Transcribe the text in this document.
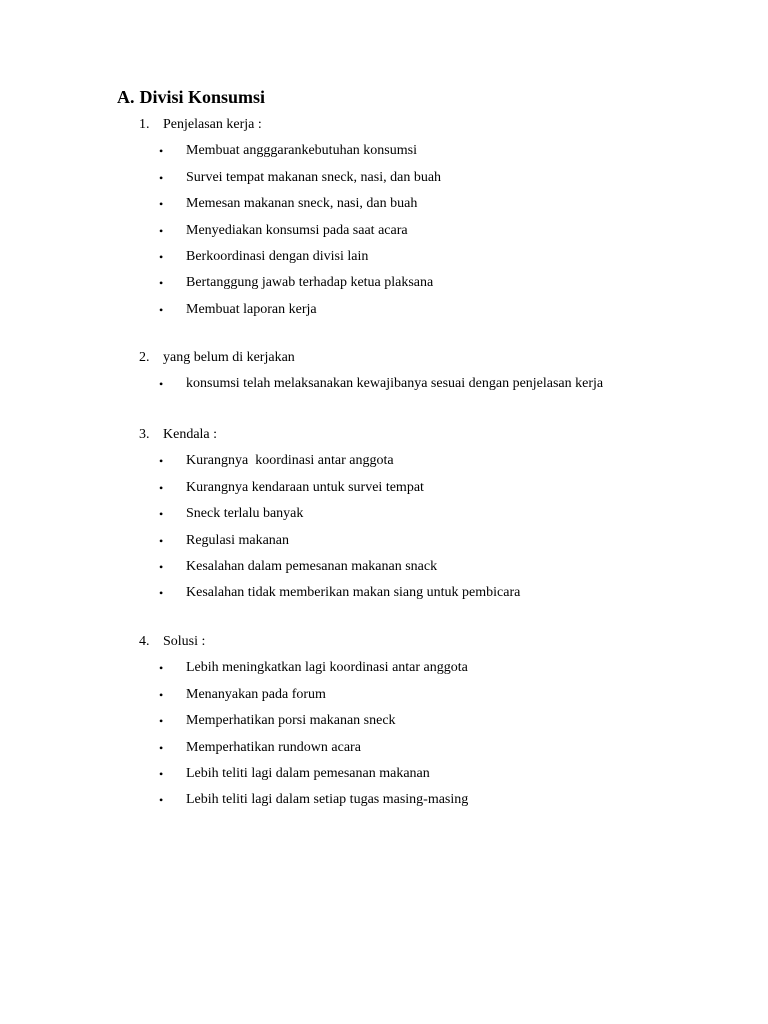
A. Divisi Konsumsi
1. Penjelasan kerja :
• Membuat angggarankebutuhan konsumsi
• Survei tempat makanan sneck, nasi, dan buah
• Memesan makanan sneck, nasi, dan buah
• Menyediakan konsumsi pada saat acara
• Berkoordinasi dengan divisi lain
• Bertanggung jawab terhadap ketua plaksana
• Membuat laporan kerja
2. yang belum di kerjakan
• konsumsi telah melaksanakan kewajibanya sesuai dengan penjelasan kerja
3. Kendala :
• Kurangnya  koordinasi antar anggota
• Kurangnya kendaraan untuk survei tempat
• Sneck terlalu banyak
• Regulasi makanan
• Kesalahan dalam pemesanan makanan snack
• Kesalahan tidak memberikan makan siang untuk pembicara
4. Solusi :
• Lebih meningkatkan lagi koordinasi antar anggota
• Menanyakan pada forum
• Memperhatikan porsi makanan sneck
• Memperhatikan rundown acara
• Lebih teliti lagi dalam pemesanan makanan
• Lebih teliti lagi dalam setiap tugas masing-masing
